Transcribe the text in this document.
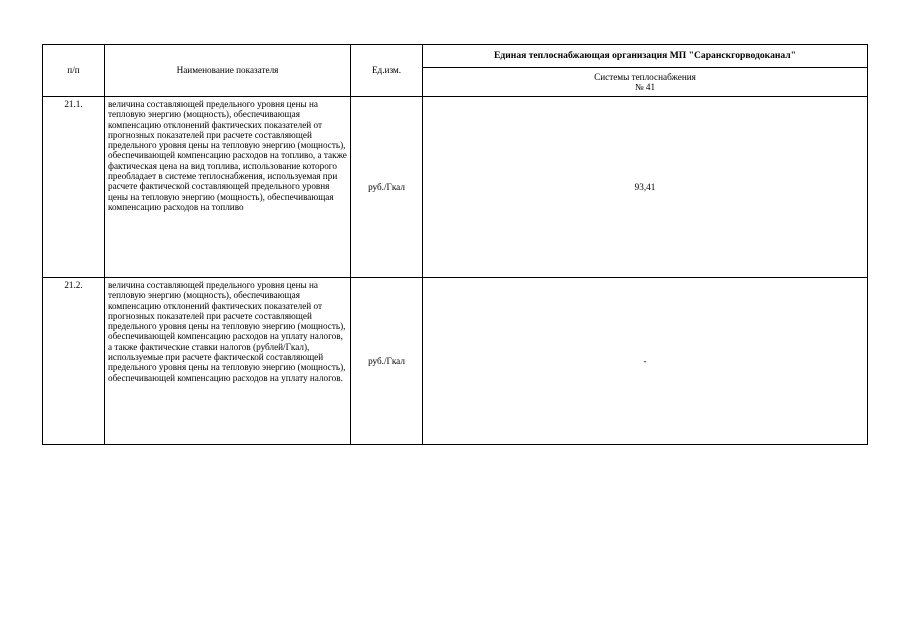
п/п	Наименование показателя	Ед.изм.	Единая теплоснабжающая организация МП "Саранскгорводоканал"

			Системы теплоснабжения
№ 41

21.1.	величина составляющей предельного уровня цены на тепловую энергию (мощность), обеспечивающая компенсацию отклонений фактических показателей от прогнозных показателей при расчете составляющей предельного уровня цены на тепловую энергию (мощность), обеспечивающей компенсацию расходов на топливо, а также фактическая цена на вид топлива, использование которого преобладает в системе теплоснабжения, используемая при расчете фактической составляющей предельного уровня цены на тепловую энергию (мощность), обеспечивающая компенсацию расходов на топливо	руб./Гкал	93,41
21.2.	величина составляющей предельного уровня цены на тепловую энергию (мощность), обеспечивающая компенсацию отклонений фактических показателей от прогнозных показателей при расчете составляющей предельного уровня цены на тепловую энергию (мощность), обеспечивающей компенсацию расходов на уплату налогов, а также фактические ставки налогов (рублей/Гкал), используемые при расчете фактической составляющей предельного уровня цены на тепловую энергию (мощность), обеспечивающей компенсацию расходов на уплату налогов.	руб./Гкал	-
